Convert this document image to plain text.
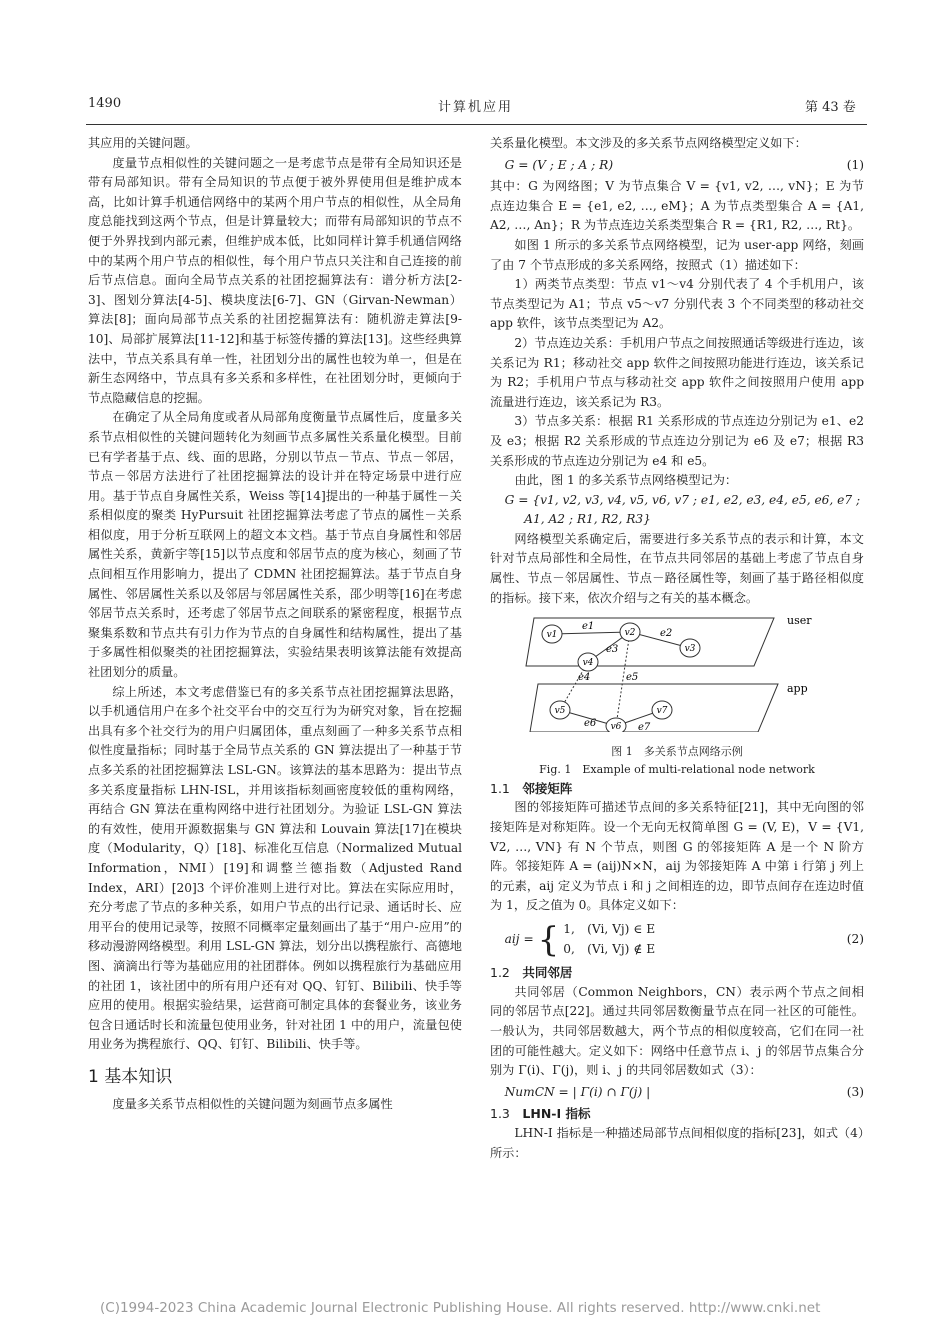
1490	计算机应用	第 43 卷

其应用的关键问题。

度量节点相似性的关键问题之一是考虑节点是带有全局知识还是带有局部知识。带有全局知识的节点便于被外界使用但是维护成本高，比如计算手机通信网络中的某两个用户节点的相似性，从全局角度总能找到这两个节点，但是计算量较大；而带有局部知识的节点不便于外界找到内部元素，但维护成本低，比如同样计算手机通信网络中的某两个用户节点的相似性，每个用户节点只关注和自己连接的前后节点信息。面向全局节点关系的社团挖掘算法有：谱分析方法[2-3]、图划分算法[4-5]、模块度法[6-7]、GN（Girvan-Newman）算法[8]；面向局部节点关系的社团挖掘算法有：随机游走算法[9-10]、局部扩展算法[11-12]和基于标签传播的算法[13]。这些经典算法中，节点关系具有单一性，社团划分出的属性也较为单一，但是在新生态网络中，节点具有多关系和多样性，在社团划分时，更倾向于节点隐藏信息的挖掘。

在确定了从全局角度或者从局部角度衡量节点属性后，度量多关系节点相似性的关键问题转化为刻画节点多属性关系量化模型。目前已有学者基于点、线、面的思路，分别以节点－节点、节点－邻居，节点－邻居方法进行了社团挖掘算法的设计并在特定场景中进行应用。基于节点自身属性关系，Weiss 等[14]提出的一种基于属性－关系相似度的聚类 HyPursuit 社团挖掘算法考虑了节点的属性－关系相似度，用于分析互联网上的超文本文档。基于节点自身属性和邻居属性关系，黄新宇等[15]以节点度和邻居节点的度为核心，刻画了节点间相互作用影响力，提出了 CDMN 社团挖掘算法。基于节点自身属性、邻居属性关系以及邻居与邻居属性关系，邵少明等[16]在考虑邻居节点关系时，还考虑了邻居节点之间联系的紧密程度，根据节点聚集系数和节点共有引力作为节点的自身属性和结构属性，提出了基于多属性相似聚类的社团挖掘算法，实验结果表明该算法能有效提高社团划分的质量。

综上所述，本文考虑借鉴已有的多关系节点社团挖掘算法思路，以手机通信用户在多个社交平台中的交互行为为研究对象，旨在挖掘出具有多个社交行为的用户归属团体，重点刻画了一种多关系节点相似性度量指标；同时基于全局节点关系的 GN 算法提出了一种基于节点多关系的社团挖掘算法 LSL-GN。该算法的基本思路为：提出节点多关系度量指标 LHN-ISL，并用该指标刻画密度较低的重构网络，再结合 GN 算法在重构网络中进行社团划分。为验证 LSL-GN 算法的有效性，使用开源数据集与 GN 算法和 Louvain 算法[17]在模块度（Modularity，Q）[18]、标准化互信息（Normalized Mutual Information，NMI）[19]和调整兰德指数（Adjusted Rand Index，ARI）[20]3 个评价准则上进行对比。算法在实际应用时，充分考虑了节点的多种关系，如用户节点的出行记录、通话时长、应用平台的使用记录等，按照不同概率定量刻画出了基于“用户-应用”的移动漫游网络模型。利用 LSL-GN 算法，划分出以携程旅行、高德地图、滴滴出行等为基础应用的社团群体。例如以携程旅行为基础应用的社团 1，该社团中的所有用户还有对 QQ、钉钉、Bilibili、快手等应用的使用。根据实验结果，运营商可制定具体的套餐业务，该业务包含日通话时长和流量包使用业务，针对社团 1 中的用户，流量包使用业务为携程旅行、QQ、钉钉、Bilibili、快手等。

1 基本知识

度量多关系节点相似性的关键问题为刻画节点多属性

关系量化模型。本文涉及的多关系节点网络模型定义如下：

G = (V ; E ; A ; R)	(1)

其中：G 为网络图；V 为节点集合 V = {v1, v2, …, vN}；E 为节点连边集合 E = {e1, e2, …, eM}；A 为节点类型集合 A = {A1, A2, …, An}；R 为节点连边关系类型集合 R = {R1, R2, …, Rt}。

如图 1 所示的多关系节点网络模型，记为 user-app 网络，刻画了由 7 个节点形成的多关系网络，按照式（1）描述如下：

1）两类节点类型：节点 v1～v4 分别代表了 4 个手机用户，该节点类型记为 A1；节点 v5～v7 分别代表 3 个不同类型的移动社交 app 软件，该节点类型记为 A2。

2）节点连边关系：手机用户节点之间按照通话等级进行连边，该关系记为 R1；移动社交 app 软件之间按照功能进行连边，该关系记为 R2；手机用户节点与移动社交 app 软件之间按照用户使用 app 流量进行连边，该关系记为 R3。

3）节点多关系：根据 R1 关系形成的节点连边分别记为 e1、e2 及 e3；根据 R2 关系形成的节点连边分别记为 e6 及 e7；根据 R3 关系形成的节点连边分别记为 e4 和 e5。

由此，图 1 的多关系节点网络模型记为：

G = {v1, v2, v3, v4, v5, v6, v7 ; e1, e2, e3, e4, e5, e6, e7 ;
A1, A2 ; R1, R2, R3}

网络模型关系确定后，需要进行多关系节点的表示和计算，本文针对节点局部性和全局性，在节点共同邻居的基础上考虑了节点自身属性、节点－邻居属性、节点－路径属性等，刻画了基于路径相似度的指标。接下来，依次介绍与之有关的基本概念。

user
app
e1
e2
e3
e4	e5
e6	e7
v1	v2
v3
v4
v5
v6
v7
图 1　多关系节点网络示例
Fig. 1　Example of multi-relational node network
1.1　 邻接矩阵

图的邻接矩阵可描述节点间的多关系特征[21]，其中无向图的邻接矩阵是对称矩阵。设一个无向无权简单图 G = (V, E)，V = {V1, V2, …, VN} 有 N 个节点，则图 G 的邻接矩阵 A 是一个 N 阶方阵。邻接矩阵 A = (aij)N×N，aij 为邻接矩阵 A 中第 i 行第 j 列上的元素，aij 定义为节点 i 和 j 之间相连的边，即节点间存在连边时值为 1，反之值为 0。具体定义如下：

aij = { 1,　(Vi, Vj) ∈ E
0,　(Vi, Vj) ∉ E
(2)
1.2　 共同邻居

共同邻居（Common Neighbors，CN）表示两个节点之间相同的邻居节点[22]。通过共同邻居数衡量节点在同一社区的可能性。一般认为，共同邻居数越大，两个节点的相似度较高，它们在同一社团的可能性越大。定义如下：网络中任意节点 i、j 的邻居节点集合分别为 Γ(i)、Γ(j)，则 i、j 的共同邻居数如式（3）：

NumCN = | Γ(i) ∩ Γ(j) |	(3)
1.3　 LHN-I 指标

LHN-I 指标是一种描述局部节点间相似度的指标[23]，如式（4）所示：

(C)1994-2023 China Academic Journal Electronic Publishing House. All rights reserved. http://www.cnki.net
